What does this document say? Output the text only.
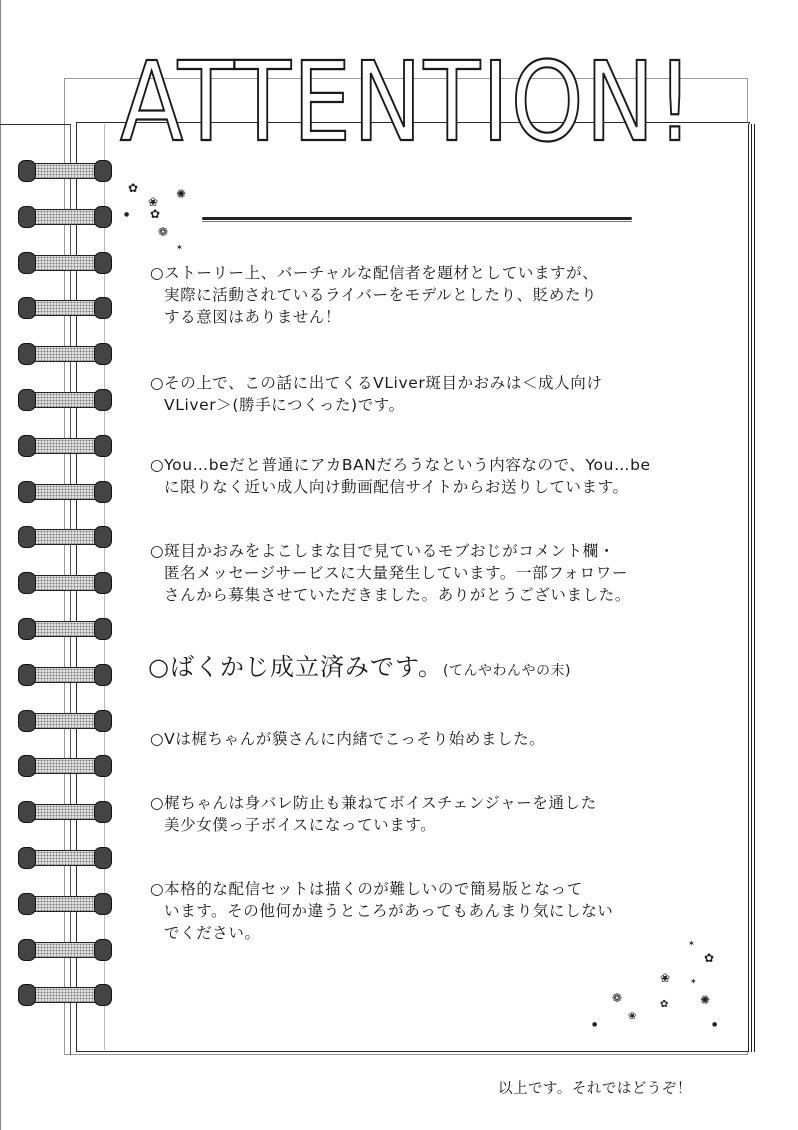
ATTENTION!
✿
❀
✺
✿
❁
✶
●
✶
✿
❀ ✶
✺
❁	✿
❀
●	●

○ストーリー上、バーチャルな配信者を題材としていますが、
実際に活動されているライバーをモデルとしたり、貶めたり
する意図はありません！

○その上で、この話に出てくるVLiver斑目かおみは＜成人向け
VLiver＞(勝手につくった)です。

○You…beだと普通にアカBANだろうなという内容なので、You…be
に限りなく近い成人向け動画配信サイトからお送りしています。

○斑目かおみをよこしまな目で見ているモブおじがコメント欄・
匿名メッセージサービスに大量発生しています。一部フォロワー
さんから募集させていただきました。ありがとうございました。

○ばくかじ成立済みです。(てんやわんやの末)

○Vは梶ちゃんが貘さんに内緒でこっそり始めました。

○梶ちゃんは身バレ防止も兼ねてボイスチェンジャーを通した
美少女僕っ子ボイスになっています。

○本格的な配信セットは描くのが難しいので簡易版となって
います。その他何か違うところがあってもあんまり気にしない
でください。

以上です。それではどうぞ！
